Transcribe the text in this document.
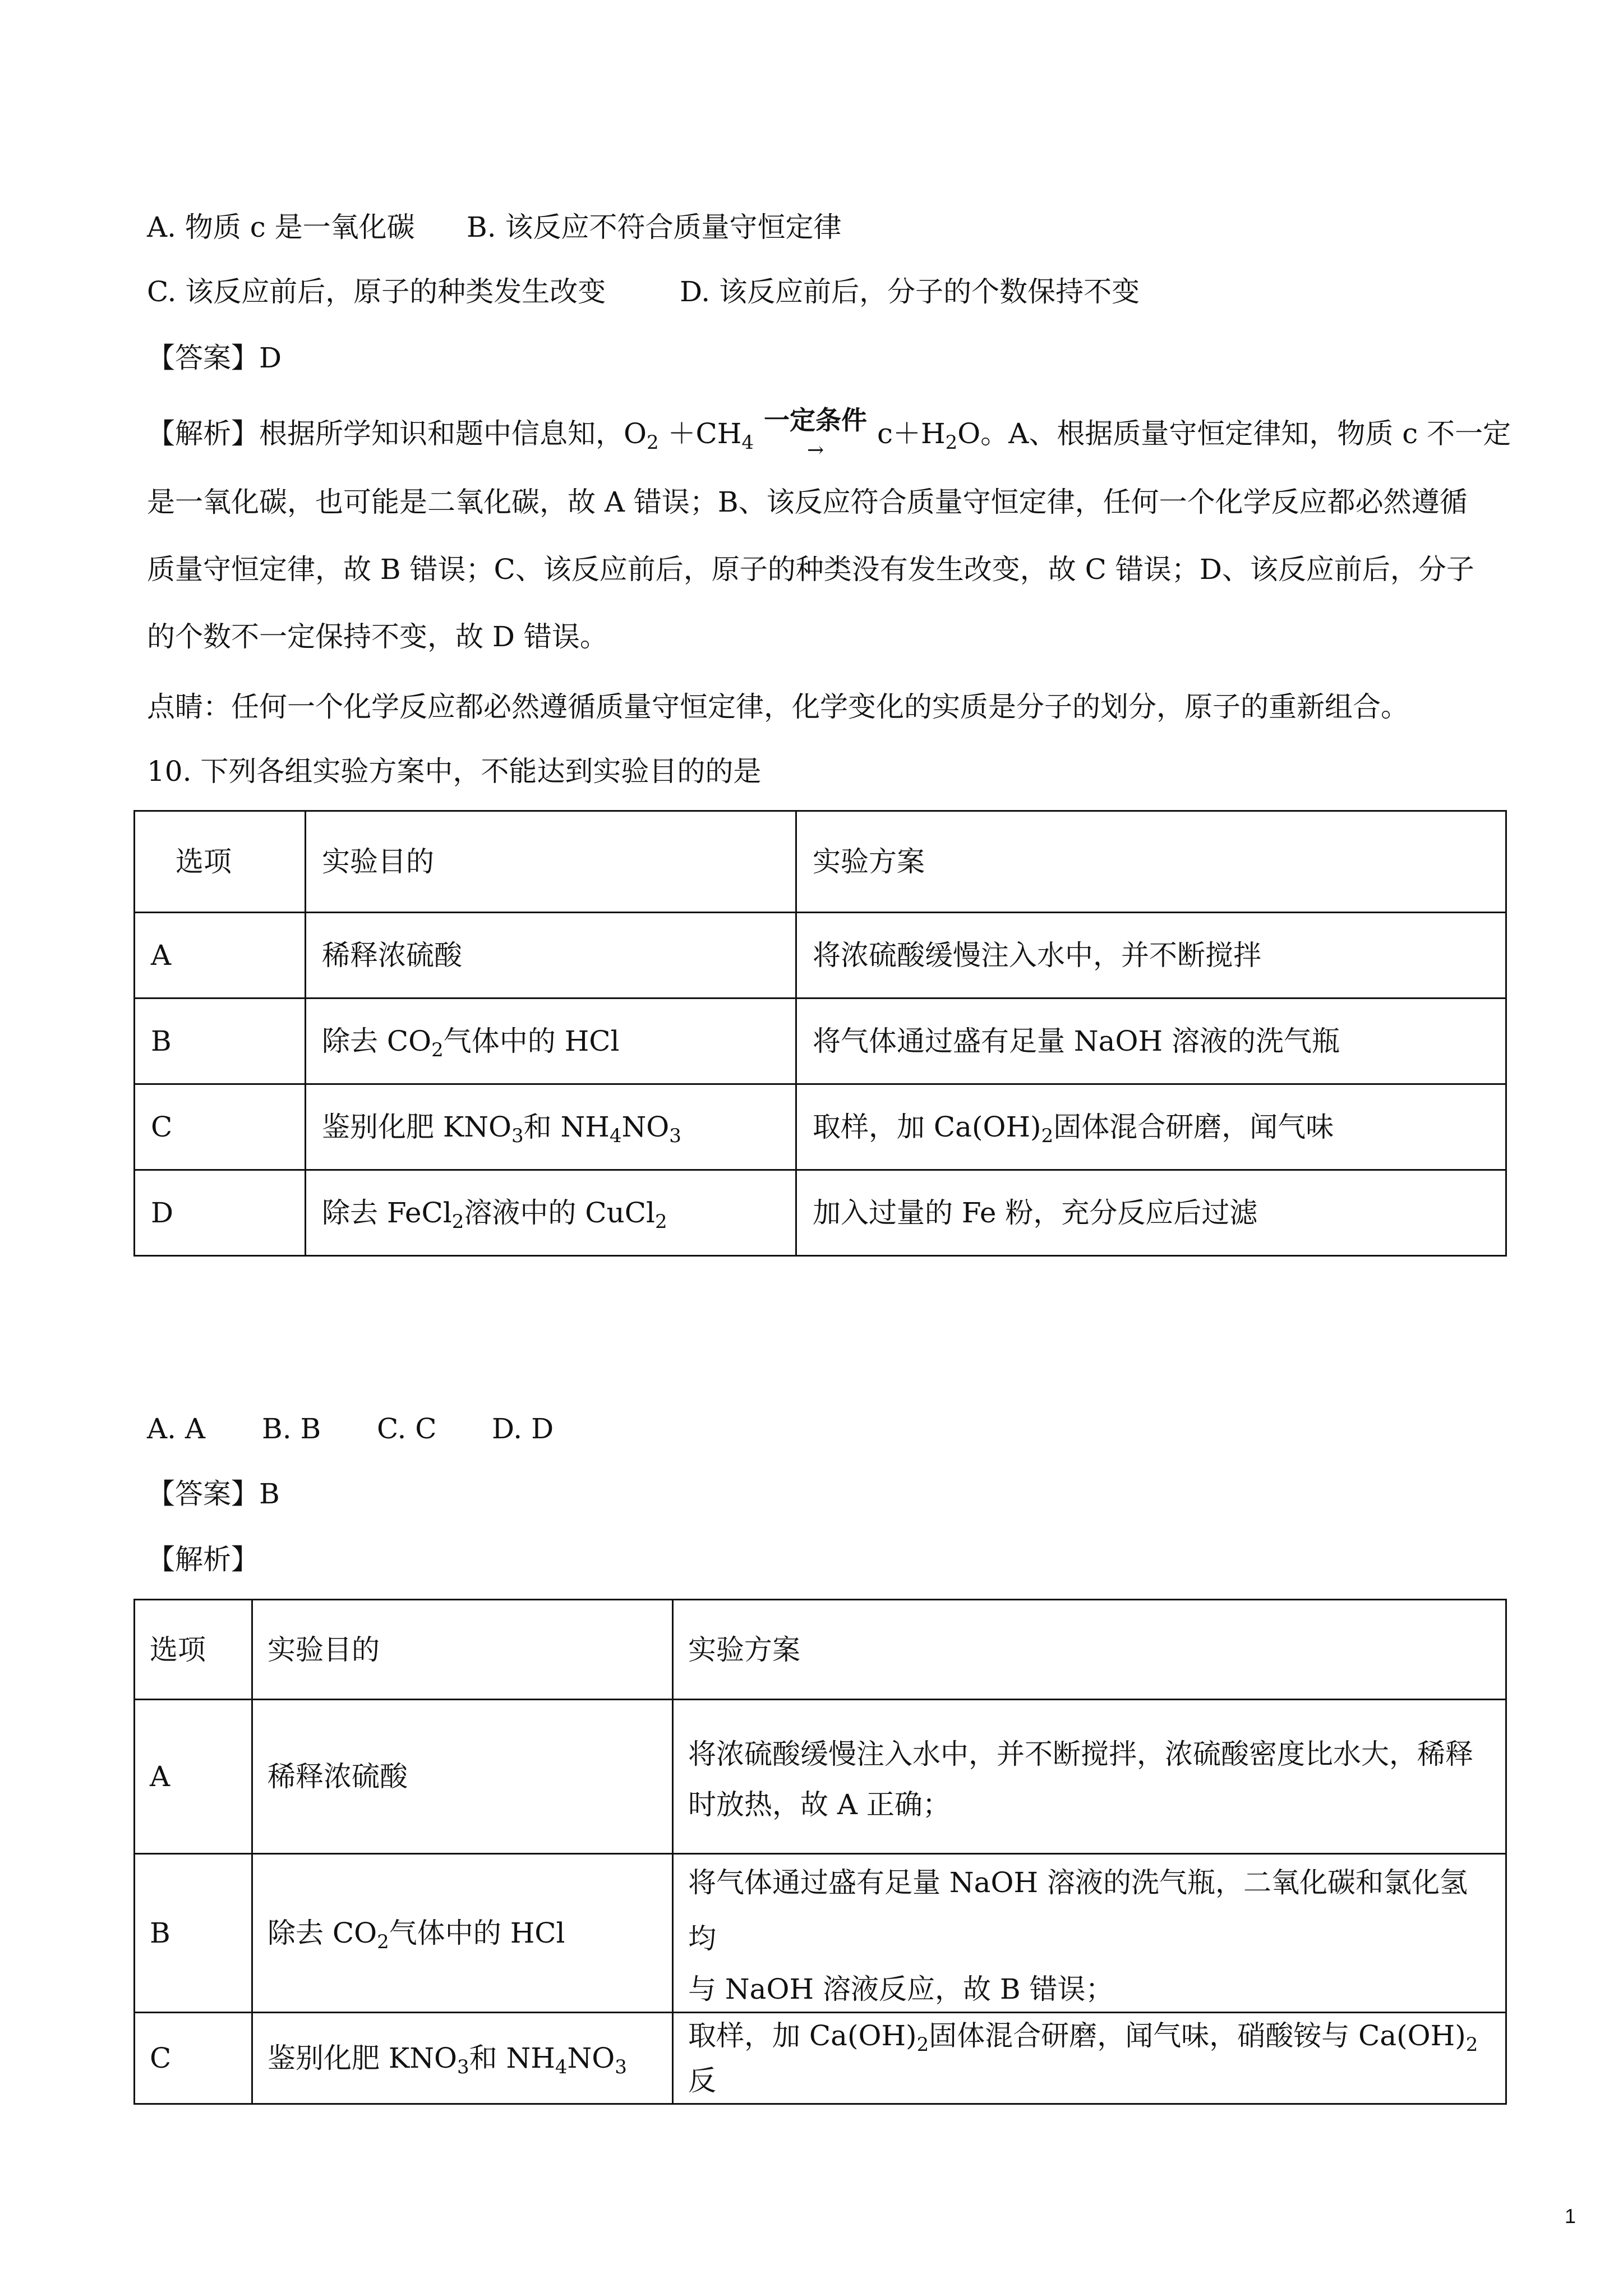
A. 物质 c 是一氧化碳 B. 该反应不符合质量守恒定律
C. 该反应前后，原子的种类发生改变	D. 该反应前后，分子的个数保持不变
【答案】D
【解析】根据所学知识和题中信息知，$O_2 +CH_4$
一定条件
→
$c+H_2O$。A、根据质量守恒定律知，物质 c 不一定
是一氧化碳，也可能是二氧化碳，故 A 错误；B、该反应符合质量守恒定律，任何一个化学反应都必然遵循
质量守恒定律，故 B 错误；C、该反应前后，原子的种类没有发生改变，故 C 错误；D、该反应前后，分子
的个数不一定保持不变，故 D 错误。
点睛：任何一个化学反应都必然遵循质量守恒定律，化学变化的实质是分子的划分，原子的重新组合。
10. 下列各组实验方案中，不能达到实验目的的是
选项	实验目的	实验方案
A	稀释浓硫酸	将浓硫酸缓慢注入水中，并不断搅拌
B	除去 $CO_2$气体中的 HCl	将气体通过盛有足量 NaOH 溶液的洗气瓶
C	鉴别化肥 $KNO_3$和 $NH_4NO_3$	取样，加 $Ca(OH)_2$固体混合研磨，闻气味
D	除去 FeCl$_2$溶液中的 CuCl$_2$	加入过量的 Fe 粉，充分反应后过滤
A. A B. B C. C D. D
【答案】B
【解析】
选项	实验目的	实验方案
A	稀释浓硫酸	将浓硫酸缓慢注入水中，并不断搅拌，浓硫酸密度比水大，稀释
时放热，故 A 正确；

B	除去 $CO_2$气体中的 HCl	将气体通过盛有足量 NaOH 溶液的洗气瓶，二氧化碳和氯化氢均
与 NaOH 溶液反应，故 B 错误；

C	鉴别化肥 $KNO_3$和 $NH_4NO_3$	取样，加 $Ca(OH)_2$固体混合研磨，闻气味，硝酸铵与 $Ca(OH)_2$反
1
